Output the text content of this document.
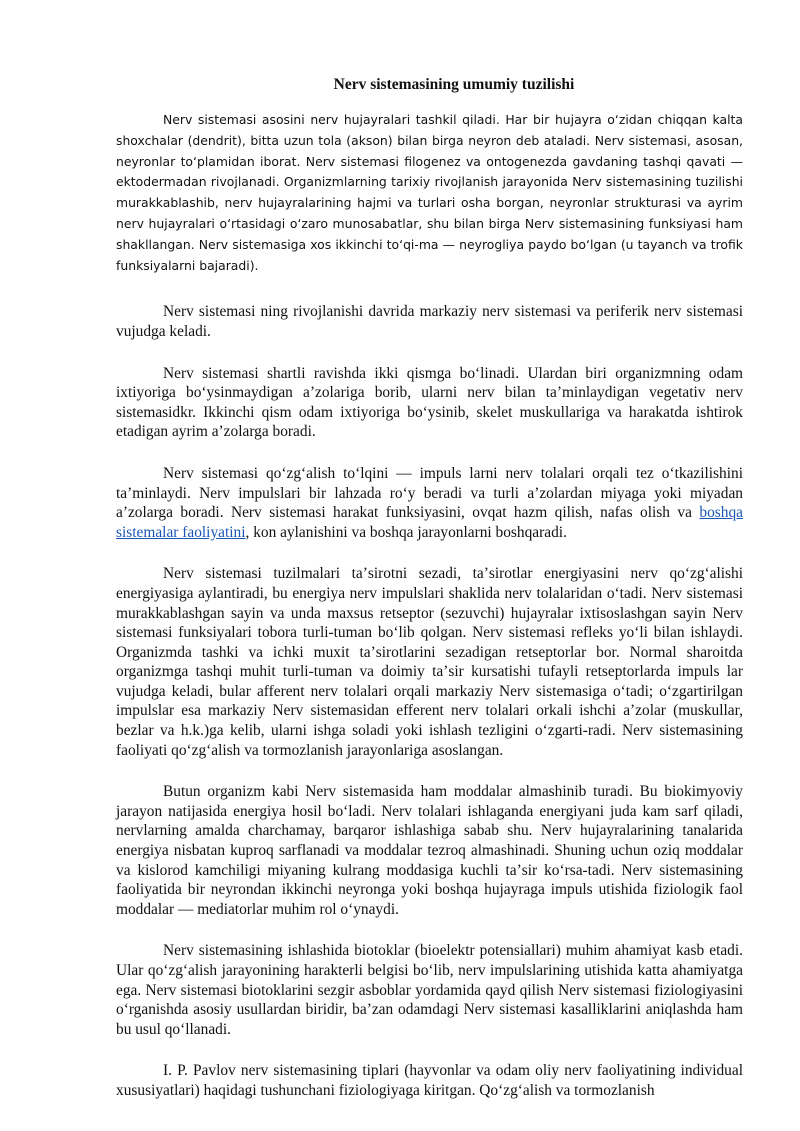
Nerv sistemasining umumiy tuzilishi

Nerv sistemasi asosini nerv hujayralari tashkil qiladi. Har bir hujayra oʻzidan chiqqan kalta shoxchalar (dendrit), bitta uzun tola (akson) bilan birga neyron deb ataladi. Nerv sistemasi, asosan, neyronlar toʻplamidan iborat. Nerv sistemasi filogenez va ontogenezda gavdaning tashqi qavati — ektodermadan rivojlanadi. Organizmlarning tarixiy rivojlanish jarayonida Nerv sistemasining tuzilishi murakkablashib, nerv hujayralarining hajmi va turlari osha borgan, neyronlar strukturasi va ayrim nerv hujayralari oʻrtasidagi oʻzaro munosabatlar, shu bilan birga Nerv sistemasining funksiyasi ham shakllangan. Nerv sistemasiga xos ikkinchi toʻqi-ma — neyrogliya paydo boʻlgan (u tayanch va trofik funksiyalarni bajaradi).

Nerv sistemasi ning rivojlanishi davrida markaziy nerv sistemasi va periferik nerv sistemasi vujudga keladi.

Nerv sistemasi shartli ravishda ikki qismga boʻlinadi. Ulardan biri organizmning odam ixtiyoriga boʻysinmaydigan aʼzolariga borib, ularni nerv bilan taʼminlaydigan vegetativ nerv sistemasidkr. Ikkinchi qism odam ixtiyoriga boʻysinib, skelet muskullariga va harakatda ishtirok etadigan ayrim aʼzolarga boradi.

Nerv sistemasi qoʻzgʻalish toʻlqini — impuls larni nerv tolalari orqali tez oʻtkazilishini taʼminlaydi. Nerv impulslari bir lahzada roʻy beradi va turli aʼzolardan miyaga yoki miyadan aʼzolarga boradi. Nerv sistemasi harakat funksiyasini, ovqat hazm qilish, nafas olish va boshqa sistemalar faoliyatini, kon aylanishini va boshqa jarayonlarni boshqaradi.

Nerv sistemasi tuzilmalari taʼsirotni sezadi, taʼsirotlar energiyasini nerv qoʻzgʻalishi energiyasiga aylantiradi, bu energiya nerv impulslari shaklida nerv tolalaridan oʻtadi. Nerv sistemasi murakkablashgan sayin va unda maxsus retseptor (sezuvchi) hujayralar ixtisoslashgan sayin Nerv sistemasi funksiyalari tobora turli-tuman boʻlib qolgan. Nerv sistemasi refleks yoʻli bilan ishlaydi. Organizmda tashki va ichki muxit taʼsirotlarini sezadigan retseptorlar bor. Normal sharoitda organizmga tashqi muhit turli-tuman va doimiy taʼsir kursatishi tufayli retseptorlarda impuls lar vujudga keladi, bular afferent nerv tolalari orqali markaziy Nerv sistemasiga oʻtadi; oʻzgartirilgan impulslar esa markaziy Nerv sistemasidan efferent nerv tolalari orkali ishchi aʼzolar (muskullar, bezlar va h.k.)ga kelib, ularni ishga soladi yoki ishlash tezligini oʻzgarti-radi. Nerv sistemasining faoliyati qoʻzgʻalish va tormozlanish jarayonlariga asoslangan.

Butun organizm kabi Nerv sistemasida ham moddalar almashinib turadi. Bu biokimyoviy jarayon natijasida energiya hosil boʻladi. Nerv tolalari ishlaganda energiyani juda kam sarf qiladi, nervlarning amalda charchamay, barqaror ishlashiga sabab shu. Nerv hujayralarining tanalarida energiya nisbatan kuproq sarflanadi va moddalar tezroq almashinadi. Shuning uchun oziq moddalar va kislorod kamchiligi miyaning kulrang moddasiga kuchli taʼsir koʻrsa-tadi. Nerv sistemasining faoliyatida bir neyrondan ikkinchi neyronga yoki boshqa hujayraga impuls utishida fiziologik faol moddalar — mediatorlar muhim rol oʻynaydi.

Nerv sistemasining ishlashida biotoklar (bioelektr potensiallari) muhim ahamiyat kasb etadi. Ular qoʻzgʻalish jarayonining harakterli belgisi boʻlib, nerv impulslarining utishida katta ahamiyatga ega. Nerv sistemasi biotoklarini sezgir asboblar yordamida qayd qilish Nerv sistemasi fiziologiyasini oʻrganishda asosiy usullardan biridir, baʼzan odamdagi Nerv sistemasi kasalliklarini aniqlashda ham bu usul qoʻllanadi.

I. P. Pavlov nerv sistemasining tiplari (hayvonlar va odam oliy nerv faoliyatining individual xususiyatlari) haqidagi tushunchani fiziologiyaga kiritgan. Qoʻzgʻalish va tormozlanish
